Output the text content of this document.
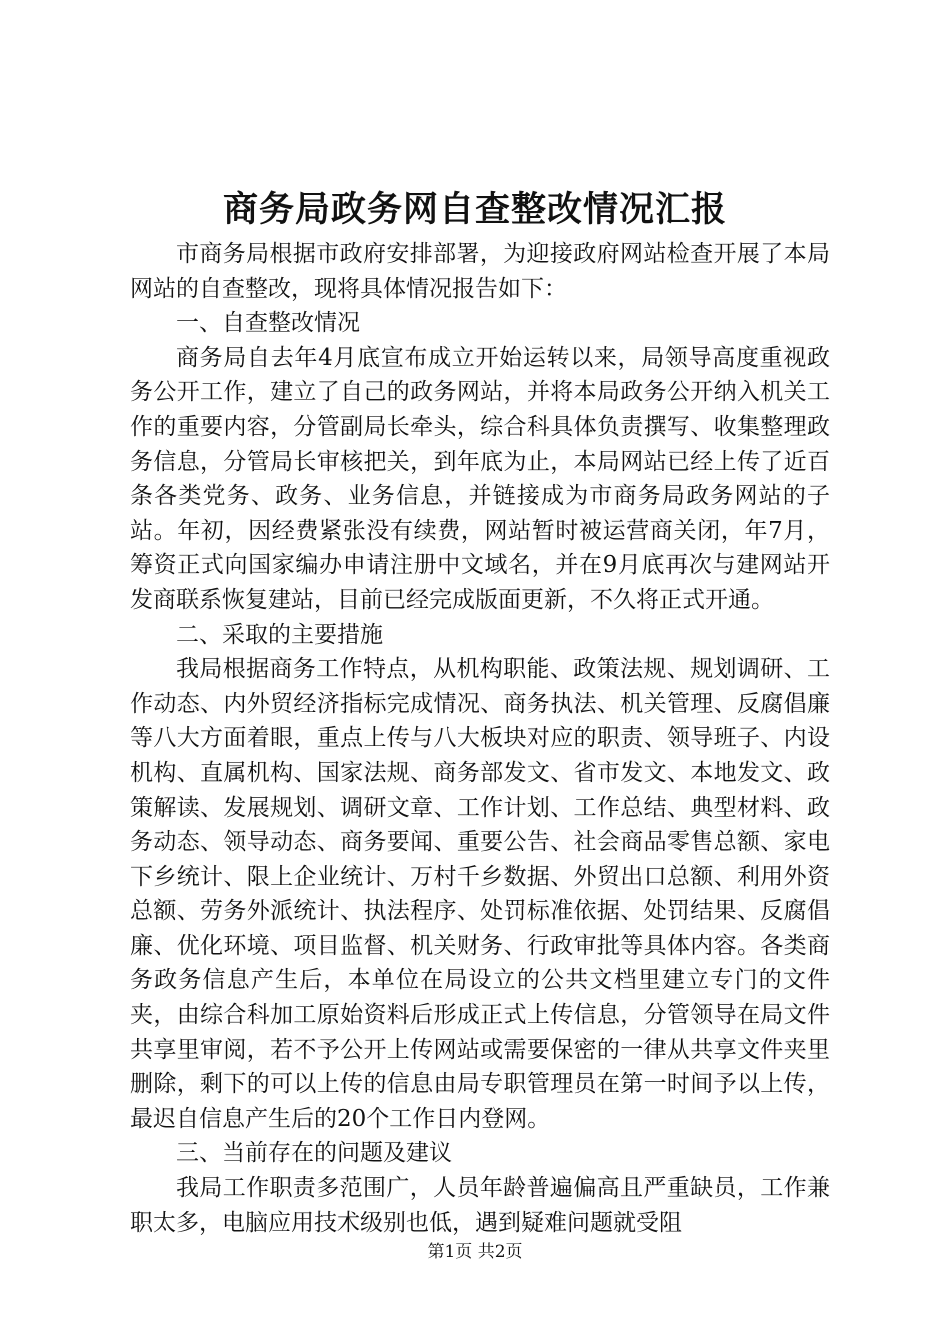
商务局政务网自查整改情况汇报

市商务局根据市政府安排部署，为迎接政府网站检查开展了本局网站的自查整改，现将具体情况报告如下：

一、自查整改情况

商务局自去年4月底宣布成立开始运转以来，局领导高度重视政务公开工作，建立了自己的政务网站，并将本局政务公开纳入机关工作的重要内容，分管副局长牵头，综合科具体负责撰写、收集整理政务信息，分管局长审核把关，到年底为止，本局网站已经上传了近百条各类党务、政务、业务信息，并链接成为市商务局政务网站的子站。年初，因经费紧张没有续费，网站暂时被运营商关闭，年7月，筹资正式向国家编办申请注册中文域名，并在9月底再次与建网站开发商联系恢复建站，目前已经完成版面更新，不久将正式开通。

二、采取的主要措施

我局根据商务工作特点，从机构职能、政策法规、规划调研、工作动态、内外贸经济指标完成情况、商务执法、机关管理、反腐倡廉等八大方面着眼，重点上传与八大板块对应的职责、领导班子、内设机构、直属机构、国家法规、商务部发文、省市发文、本地发文、政策解读、发展规划、调研文章、工作计划、工作总结、典型材料、政务动态、领导动态、商务要闻、重要公告、社会商品零售总额、家电下乡统计、限上企业统计、万村千乡数据、外贸出口总额、利用外资总额、劳务外派统计、执法程序、处罚标准依据、处罚结果、反腐倡廉、优化环境、项目监督、机关财务、行政审批等具体内容。各类商务政务信息产生后，本单位在局设立的公共文档里建立专门的文件夹，由综合科加工原始资料后形成正式上传信息，分管领导在局文件共享里审阅，若不予公开上传网站或需要保密的一律从共享文件夹里删除，剩下的可以上传的信息由局专职管理员在第一时间予以上传，最迟自信息产生后的20个工作日内登网。

三、当前存在的问题及建议

我局工作职责多范围广，人员年龄普遍偏高且严重缺员，工作兼职太多，电脑应用技术级别也低，遇到疑难问题就受阻

第1页 共2页
